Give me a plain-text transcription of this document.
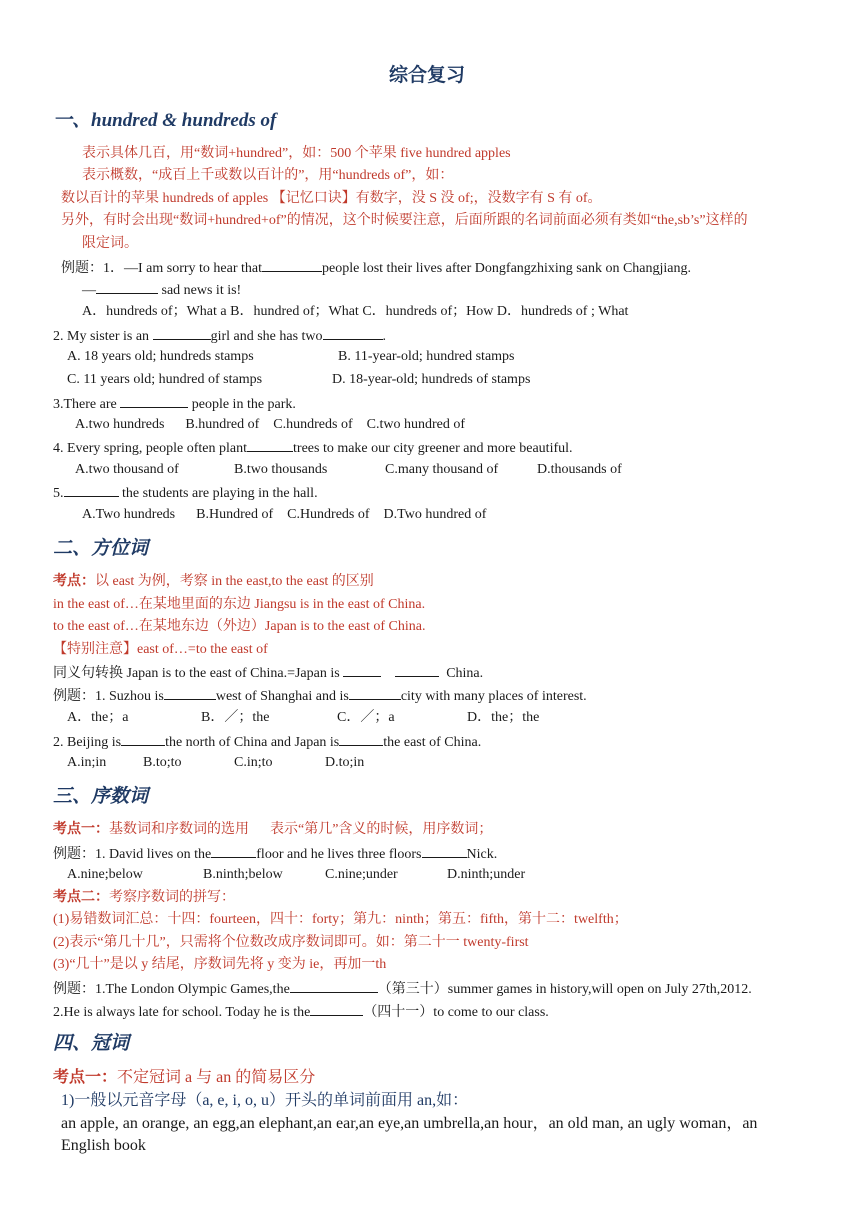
综合复习
一、hundred & hundreds of
表示具体几百，用“数词+hundred”，如：500 个苹果 five hundred apples
表示概数，“成百上千或数以百计的”，用“hundreds of”，如：
数以百计的苹果 hundreds of apples 【记忆口诀】有数字，没 S 没 of;，没数字有 S 有 of。
另外，有时会出现“数词+hundred+of”的情况，这个时候要注意，后面所跟的名词前面必须有类如“the,sb’s”这样的
限定词。
例题：1．—I am sorry to hear that	people lost their lives after Dongfangzhixing sank on Changjiang.
—	sad news it is!
A．hundreds of；What a B．hundred of；What C．hundreds of；How D．hundreds of ; What
2. My sister is an	girl and she has two	.
A. 18 years old; hundreds stamps	B. 11-year-old; hundred stamps
C. 11 years old; hundred of stamps	D. 18-year-old; hundreds of stamps
3.There are	people in the park.
A.two hundreds      B.hundred of    C.hundreds of    C.two hundred of
4. Every spring, people often plant	trees to make our city greener and more beautiful.
A.two thousand of	B.two thousands	C.many thousand of	D.thousands of
5.	the students are playing in the hall.
A.Two hundreds      B.Hundred of    C.Hundreds of    D.Two hundred of
二、方位词
考点：以 east 为例，考察 in the east,to the east 的区别
in the east of…在某地里面的东边 Jiangsu is in the east of China.
to the east of…在某地东边（外边）Japan is to the east of China.
【特别注意】east of…=to the east of
同义句转换 Japan is to the east of China.=Japan is	China.
例题：1. Suzhou is	west of Shanghai and is	city with many places of interest.
A．the；a	B．／；the	C．／；a	D．the；the
2. Beijing is	the north of China and Japan is	the east of China.
A.in;in	B.to;to	C.in;to	D.to;in
三、序数词
考点一：基数词和序数词的选用      表示“第几”含义的时候，用序数词；
例题：1. David lives on the	floor and he lives three floors	Nick.
A.nine;below	B.ninth;below	C.nine;under	D.ninth;under
考点二：考察序数词的拼写：
(1)易错数词汇总：十四：fourteen，四十：forty；第九：ninth；第五：fifth，第十二：twelfth；
(2)表示“第几十几”，只需将个位数改成序数词即可。如：第二十一 twenty-first
(3)“几十”是以 y 结尾，序数词先将 y 变为 ie，再加一th
例题：1.The London Olympic Games,the	（第三十）summer games in history,will open on July 27th,2012.
2.He is always late for school. Today he is the	（四十一）to come to our class.
四、冠词
考点一：不定冠词 a 与 an 的简易区分
1)一般以元音字母（a, e, i, o, u）开头的单词前面用 an,如：
an apple, an orange, an egg,an elephant,an ear,an eye,an umbrella,an hour，an old man, an ugly woman，an
English book
